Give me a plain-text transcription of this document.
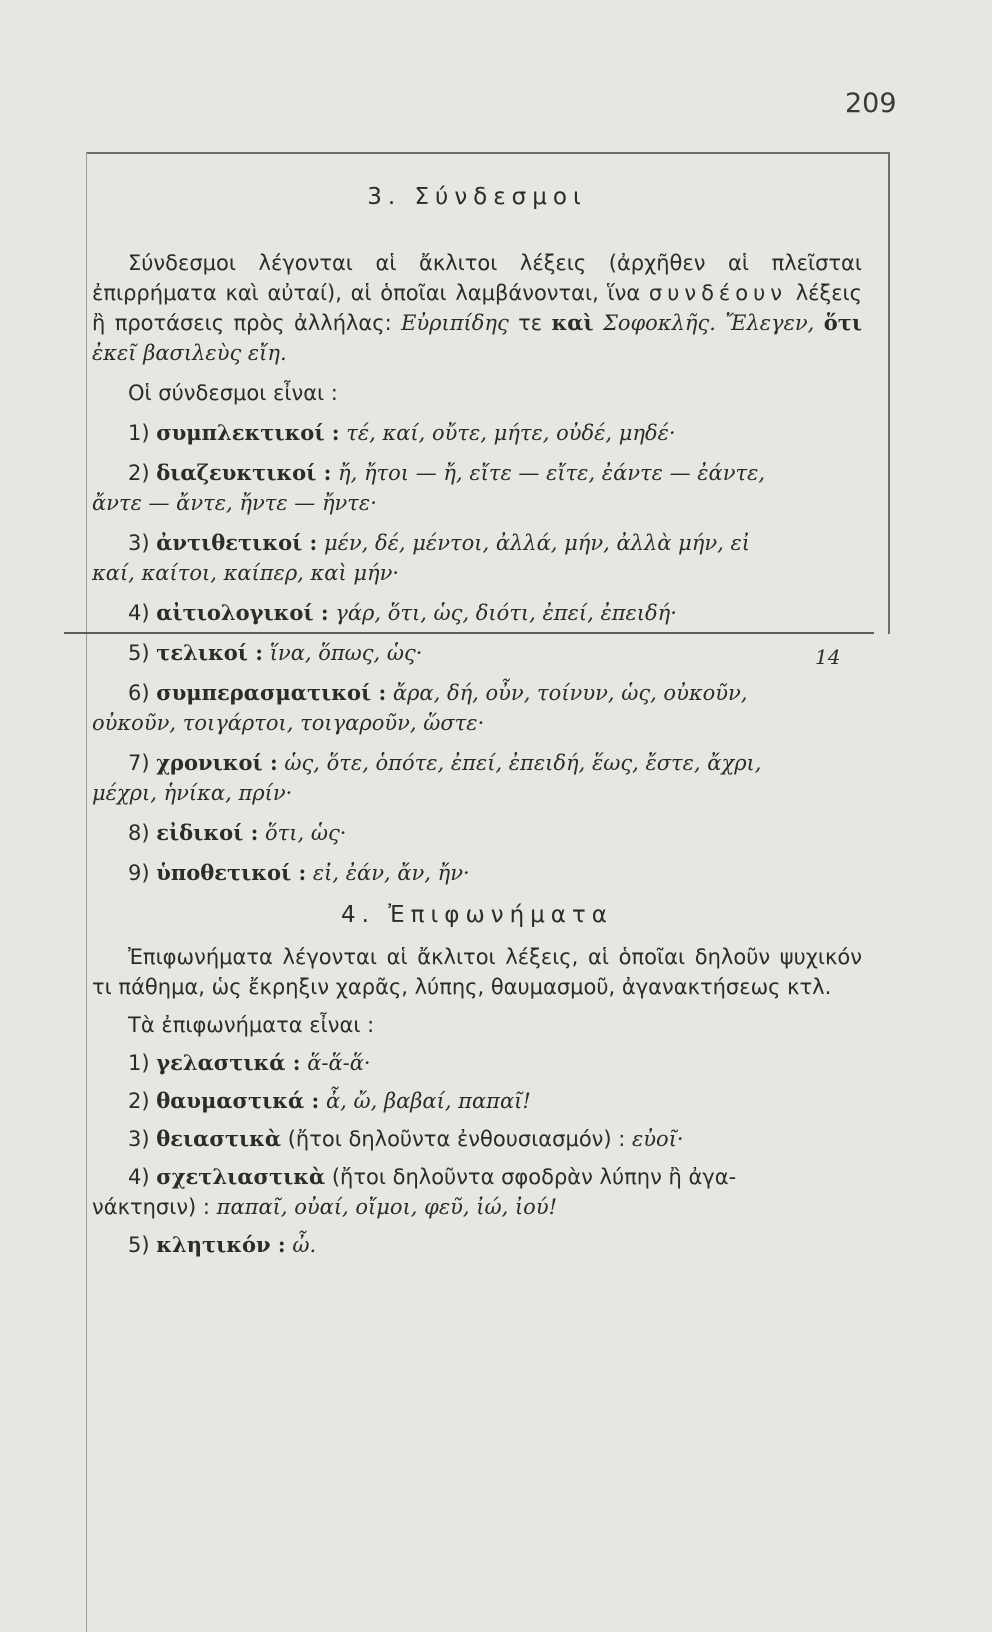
209
14
3. Σύνδεσμοι
Σύνδεσμοι λέγονται αἱ ἄκλιτοι λέξεις (ἀρχῆθεν αἱ πλεῖσται ἐπιρρήματα καὶ αὐταί), αἱ ὁποῖαι λαμβάνονται, ἵνα συνδέουν λέξεις ἢ προτάσεις πρὸς ἀλλήλας: Εὐριπίδης τε καὶ Σοφοκλῆς. Ἔλεγεν, ὅτι ἐκεῖ βασιλεὺς εἴη.
Οἱ σύνδεσμοι εἶναι :
1) συμπλεκτικοί : τέ, καί, οὔτε, μήτε, οὐδέ, μηδέ·
2) διαζευκτικοί : ἤ, ἤτοι — ἤ, εἴτε — εἴτε, ἐάντε — ἐάντε,
ἄντε — ἄντε, ἤντε — ἤντε·
3) ἀντιθετικοί : μέν, δέ, μέντοι, ἀλλά, μήν, ἀλλὰ μήν, εἰ
καί, καίτοι, καίπερ, καὶ μήν·
4) αἰτιολογικοί : γάρ, ὅτι, ὡς, διότι, ἐπεί, ἐπειδή·
5) τελικοί : ἵνα, ὅπως, ὡς·
6) συμπερασματικοί : ἄρα, δή, οὖν, τοίνυν, ὡς, οὐκοῦν,
οὐκοῦν, τοιγάρτοι, τοιγαροῦν, ὥστε·
7) χρονικοί : ὡς, ὅτε, ὁπότε, ἐπεί, ἐπειδή, ἕως, ἔστε, ἄχρι,
μέχρι, ἡνίκα, πρίν·
8) εἰδικοί : ὅτι, ὡς·
9) ὑποθετικοί : εἰ, ἐάν, ἄν, ἤν·
4. Ἐπιφωνήματα
Ἐπιφωνήματα λέγονται αἱ ἄκλιτοι λέξεις, αἱ ὁποῖαι δηλοῦν ψυχικόν τι πάθημα, ὡς ἔκρηξιν χαρᾶς, λύπης, θαυμασμοῦ, ἀγανακτήσεως κτλ.
Τὰ ἐπιφωνήματα εἶναι :
1) γελαστικά : ἅ-ἅ-ἅ·
2) θαυμαστικά : ἆ, ὤ, βαβαί, παπαῖ!
3) θειαστικὰ (ἤτοι δηλοῦντα ἐνθουσιασμόν) : εὐοῖ·
4) σχετλιαστικὰ (ἤτοι δηλοῦντα σφοδρὰν λύπην ἢ ἀγα-
νάκτησιν) : παπαῖ, οὐαί, οἴμοι, φεῦ, ἰώ, ἰού!
5) κλητικόν : ὦ.
